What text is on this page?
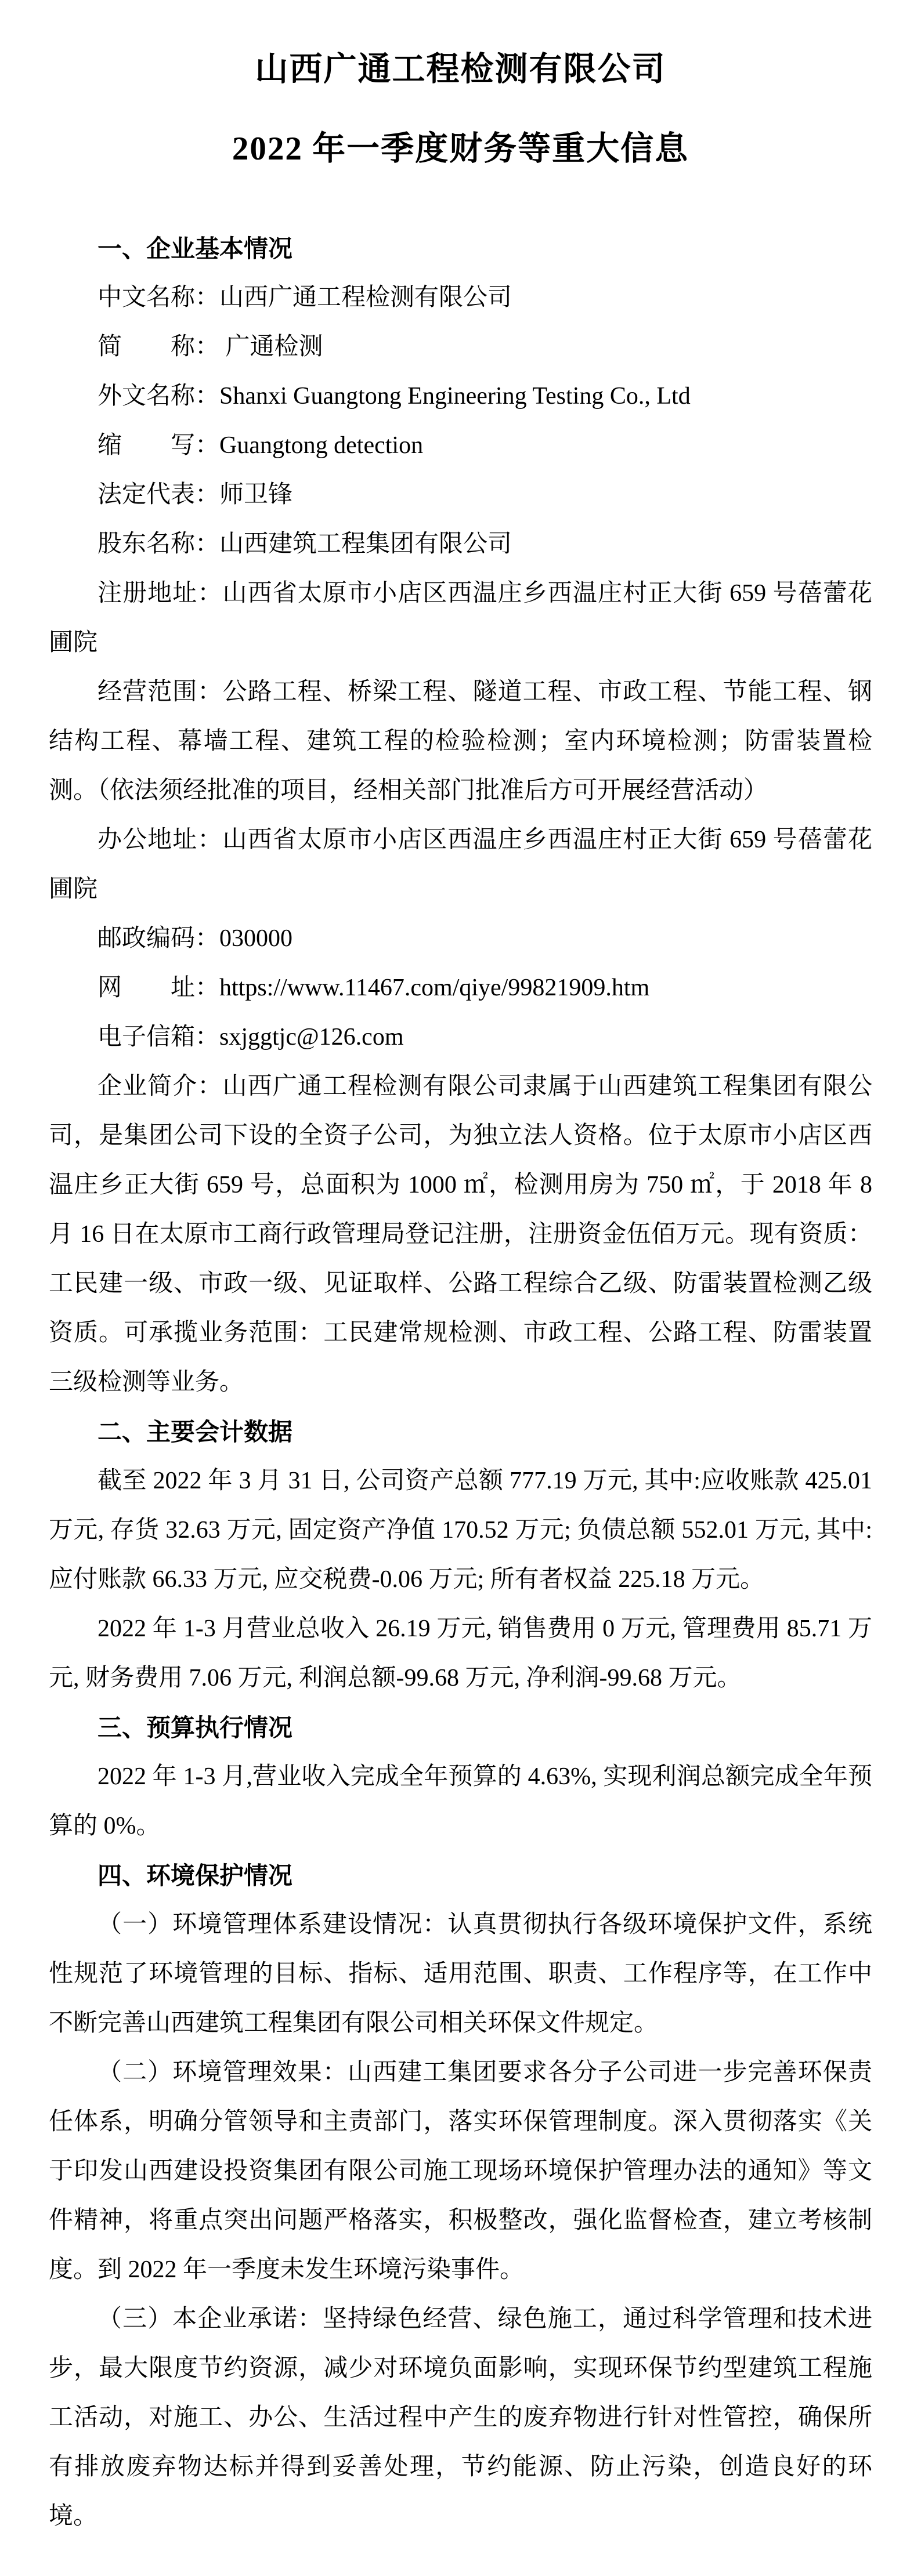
山西广通工程检测有限公司
2022 年一季度财务等重大信息
一、企业基本情况

中文名称：山西广通工程检测有限公司

简　　称： 广通检测

外文名称：Shanxi Guangtong Engineering Testing Co., Ltd

缩　　写：Guangtong detection

法定代表：师卫锋

股东名称：山西建筑工程集团有限公司

注册地址：山西省太原市小店区西温庄乡西温庄村正大街 659 号蓓蕾花圃院

经营范围：公路工程、桥梁工程、隧道工程、市政工程、节能工程、钢结构工程、幕墙工程、建筑工程的检验检测；室内环境检测；防雷装置检测。（依法须经批准的项目，经相关部门批准后方可开展经营活动）

办公地址：山西省太原市小店区西温庄乡西温庄村正大街 659 号蓓蕾花圃院

邮政编码：030000

网　　址：https://www.11467.com/qiye/99821909.htm

电子信箱：sxjggtjc@126.com

企业简介：山西广通工程检测有限公司隶属于山西建筑工程集团有限公司，是集团公司下设的全资子公司，为独立法人资格。位于太原市小店区西温庄乡正大街 659 号，总面积为 1000 ㎡，检测用房为 750 ㎡，于 2018 年 8 月 16 日在太原市工商行政管理局登记注册，注册资金伍佰万元。现有资质：工民建一级、市政一级、见证取样、公路工程综合乙级、防雷装置检测乙级资质。可承揽业务范围：工民建常规检测、市政工程、公路工程、防雷装置三级检测等业务。

二、主要会计数据

截至 2022 年 3 月 31 日, 公司资产总额 777.19 万元, 其中:应收账款 425.01 万元, 存货 32.63 万元, 固定资产净值 170.52 万元; 负债总额 552.01 万元, 其中: 应付账款 66.33 万元, 应交税费-0.06 万元; 所有者权益 225.18 万元。

2022 年 1-3 月营业总收入 26.19 万元, 销售费用 0 万元, 管理费用 85.71 万元, 财务费用 7.06 万元, 利润总额-99.68 万元, 净利润-99.68 万元。

三、预算执行情况

2022 年 1-3 月,营业收入完成全年预算的 4.63%, 实现利润总额完成全年预算的 0%。

四、环境保护情况

（一）环境管理体系建设情况：认真贯彻执行各级环境保护文件，系统性规范了环境管理的目标、指标、适用范围、职责、工作程序等，在工作中不断完善山西建筑工程集团有限公司相关环保文件规定。

（二）环境管理效果：山西建工集团要求各分子公司进一步完善环保责任体系，明确分管领导和主责部门，落实环保管理制度。深入贯彻落实《关于印发山西建设投资集团有限公司施工现场环境保护管理办法的通知》等文件精神，将重点突出问题严格落实，积极整改，强化监督检查，建立考核制度。到 2022 年一季度未发生环境污染事件。

（三）本企业承诺：坚持绿色经营、绿色施工，通过科学管理和技术进步，最大限度节约资源，减少对环境负面影响，实现环保节约型建筑工程施工活动，对施工、办公、生活过程中产生的废弃物进行针对性管控，确保所有排放废弃物达标并得到妥善处理，节约能源、防止污染，创造良好的环境。
